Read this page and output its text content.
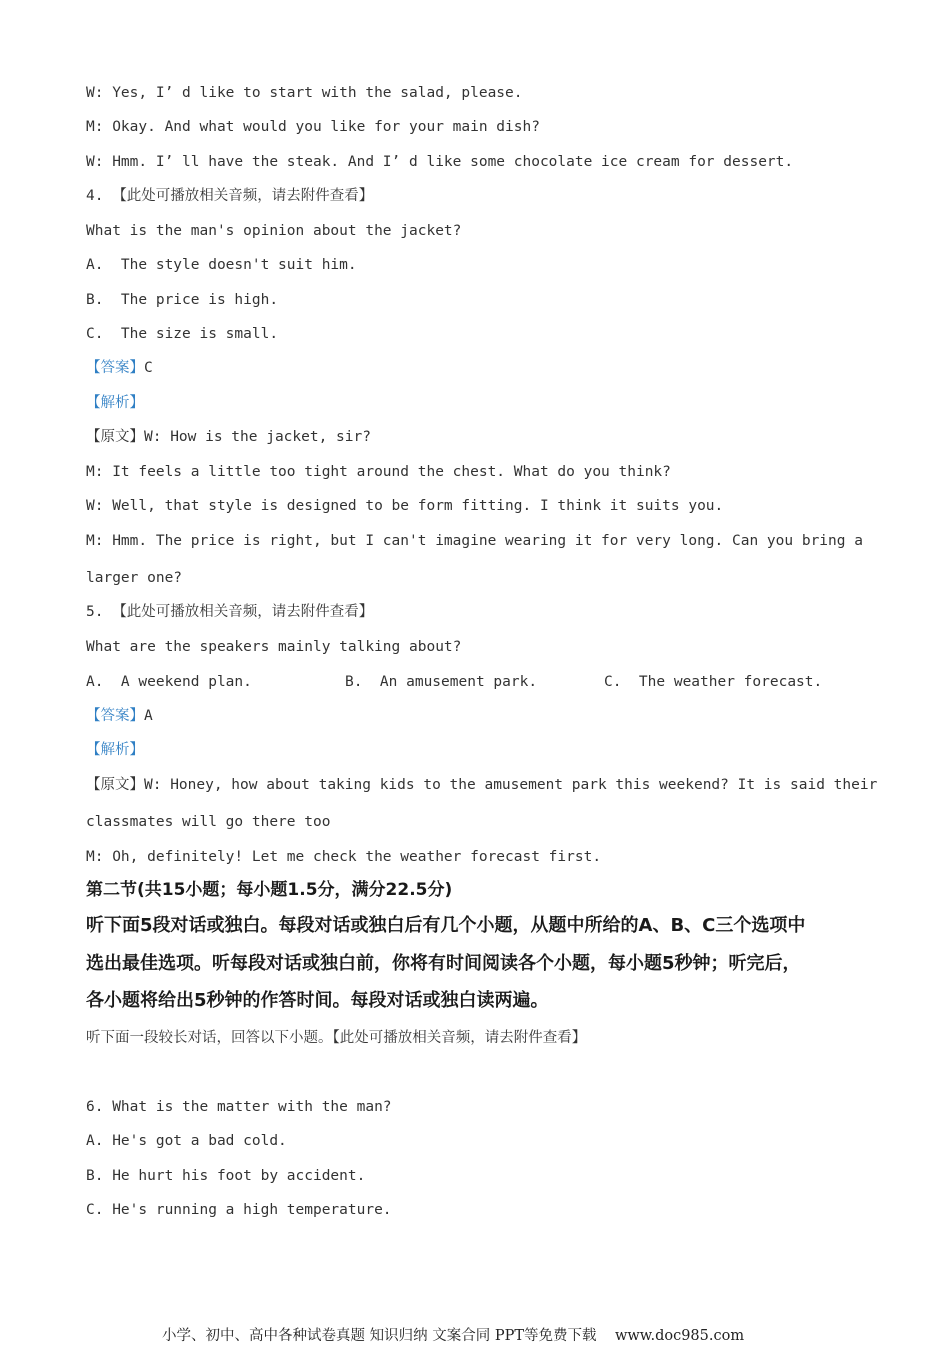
W: Yes, I’ d like to start with the salad, please.
M: Okay. And what would you like for your main dish?
W: Hmm. I’ ll have the steak. And I’ d like some chocolate ice cream for dessert.
4. 【此处可播放相关音频，请去附件查看】
What is the man's opinion about the jacket?
A.  The style doesn't suit him.
B.  The price is high.
C.  The size is small.
【答案】C
【解析】
【原文】W: How is the jacket, sir?
M: It feels a little too tight around the chest. What do you think?
W: Well, that style is designed to be form fitting. I think it suits you.
M: Hmm. The price is right, but I can't imagine wearing it for very long. Can you bring a
larger one?
5. 【此处可播放相关音频，请去附件查看】
What are the speakers mainly talking about?
A.  A weekend plan.	B.  An amusement park.	C.  The weather forecast.
【答案】A
【解析】
【原文】W: Honey, how about taking kids to the amusement park this weekend? It is said their
classmates will go there too
M: Oh, definitely! Let me check the weather forecast first.
第二节(共15小题；每小题1.5分，满分22.5分)
听下面5段对话或独白。每段对话或独白后有几个小题，从题中所给的A、B、C三个选项中
选出最佳选项。听每段对话或独白前，你将有时间阅读各个小题，每小题5秒钟；听完后，
各小题将给出5秒钟的作答时间。每段对话或独白读两遍。
听下面一段较长对话，回答以下小题。【此处可播放相关音频，请去附件查看】
6. What is the matter with the man?
A. He's got a bad cold.
B. He hurt his foot by accident.
C. He's running a high temperature.
小学、初中、高中各种试卷真题 知识归纳 文案合同 PPT等免费下载    www.doc985.com
